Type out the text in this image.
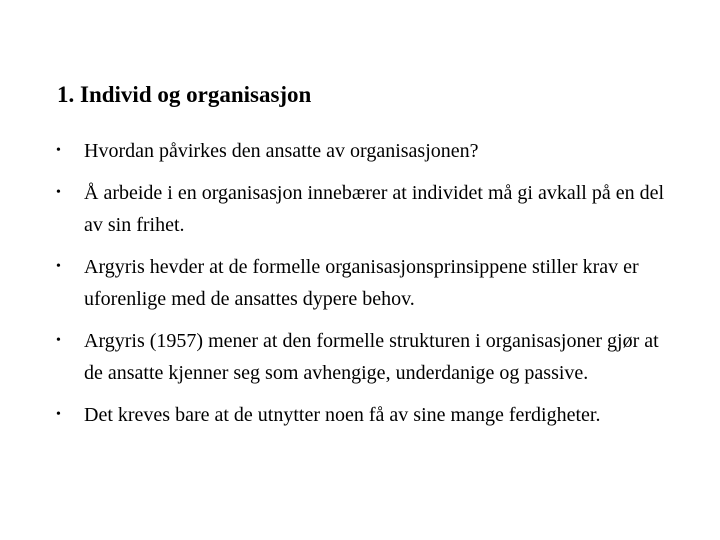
1. Individ og organisasjon
• Hvordan påvirkes den ansatte av organisasjonen?
• Å arbeide i en organisasjon innebærer at individet må gi avkall på en del av sin frihet.
• Argyris hevder at de formelle organisasjonsprinsippene stiller krav er uforenlige med de ansattes dypere behov.
• Argyris (1957) mener at den formelle strukturen i organisasjoner gjør at de ansatte kjenner seg som avhengige, underdanige og passive.
• Det kreves bare at de utnytter noen få av sine mange ferdigheter.
